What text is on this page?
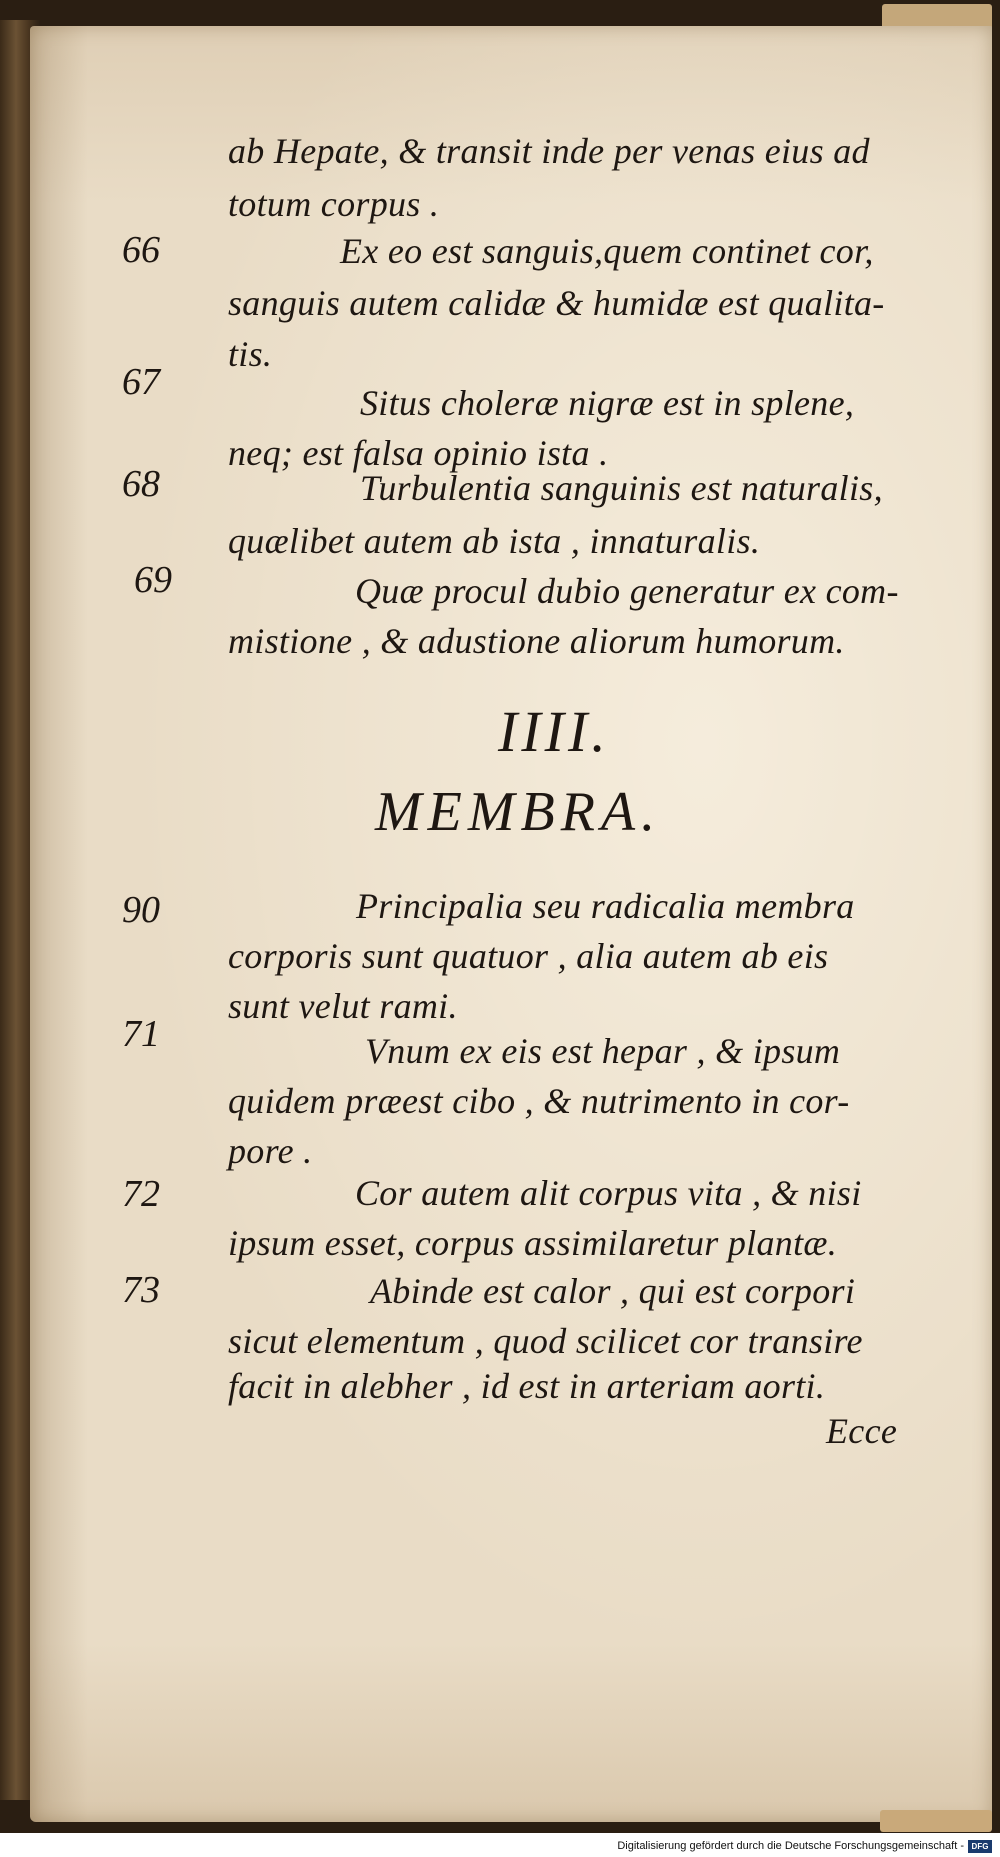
ab Hepate, & transit inde per venas eius ad
totum corpus .
Ex eo est sanguis,quem continet cor,
sanguis autem calidæ & humidæ est qualita-
tis.
Situs choleræ nigræ est in splene,
neq; est falsa opinio ista .
Turbulentia sanguinis est naturalis,
quælibet autem ab ista , innaturalis.
Quæ procul dubio generatur ex com-
mistione , & adustione aliorum humorum.
IIII.
MEMBRA.
Principalia seu radicalia membra
corporis sunt quatuor , alia autem ab eis
sunt velut rami.
Vnum ex eis est hepar , & ipsum
quidem præest cibo , & nutrimento in cor-
pore .
Cor autem alit corpus vita , & nisi
ipsum esset, corpus assimilaretur plantæ.
Abinde est calor , qui est corpori
sicut elementum , quod scilicet cor transire
facit in alebher , id est in arteriam aorti.
Ecce
66
67
68
69
90
71
72
73
Digitalisierung gefördert durch die Deutsche Forschungsgemeinschaft - DFG
